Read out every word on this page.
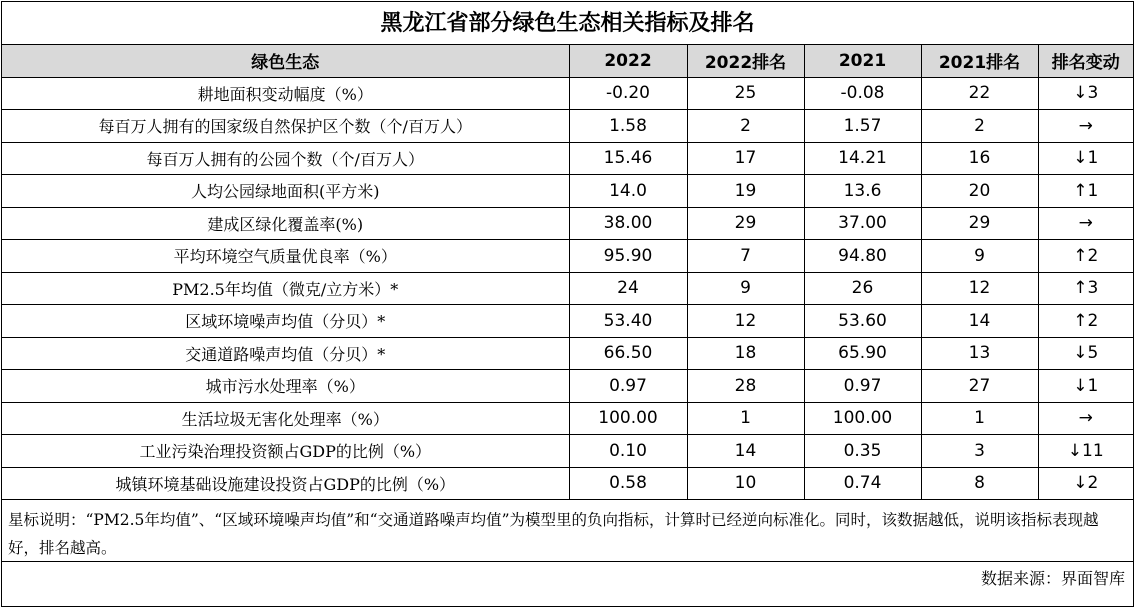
黑龙江省部分绿色生态相关指标及排名
绿色生态	2022	2022排名	2021	2021排名	排名变动
耕地面积变动幅度（%）	-0.20	25	-0.08	22	↓3
每百万人拥有的国家级自然保护区个数（个/百万人）	1.58	2	1.57	2	→
每百万人拥有的公园个数（个/百万人）	15.46	17	14.21	16	↓1
人均公园绿地面积(平方米)	14.0	19	13.6	20	↑1
建成区绿化覆盖率(%)	38.00	29	37.00	29	→
平均环境空气质量优良率（%）	95.90	7	94.80	9	↑2
PM2.5年均值（微克/立方米）*	24	9	26	12	↑3
区域环境噪声均值（分贝）*	53.40	12	53.60	14	↑2
交通道路噪声均值（分贝）*	66.50	18	65.90	13	↓5
城市污水处理率（%）	0.97	28	0.97	27	↓1
生活垃圾无害化处理率（%）	100.00	1	100.00	1	→
工业污染治理投资额占GDP的比例（%）	0.10	14	0.35	3	↓11
城镇环境基础设施建设投资占GDP的比例（%）	0.58	10	0.74	8	↓2
星标说明：“PM2.5年均值”、“区域环境噪声均值”和“交通道路噪声均值”为模型里的负向指标，计算时已经逆向标准化。同时，该数据越低，说明该指标表现越好，排名越高。
数据来源：界面智库
